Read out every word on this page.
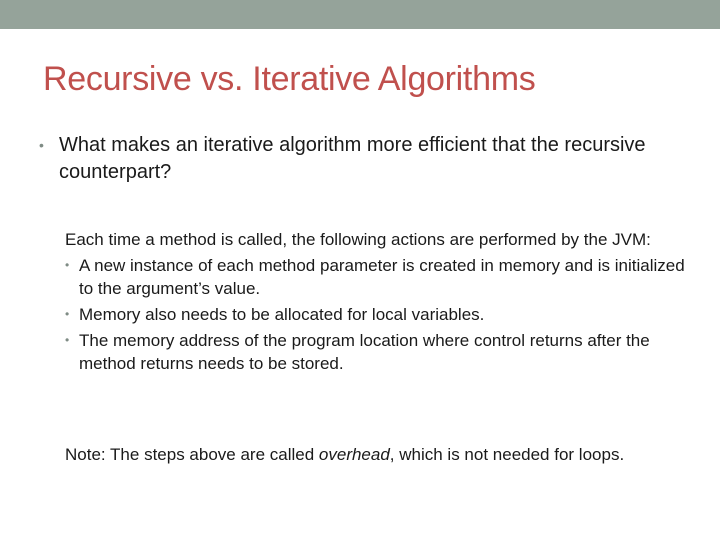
Recursive vs. Iterative Algorithms
• What makes an iterative algorithm more efficient that the recursive counterpart?

Each time a method is called, the following actions are performed by the JVM:

• A new instance of each method parameter is created in memory and is initialized to the argument’s value.
• Memory also needs to be allocated for local variables.
• The memory address of the program location where control returns after the method returns needs to be stored.

Note: The steps above are called overhead, which is not needed for loops.
